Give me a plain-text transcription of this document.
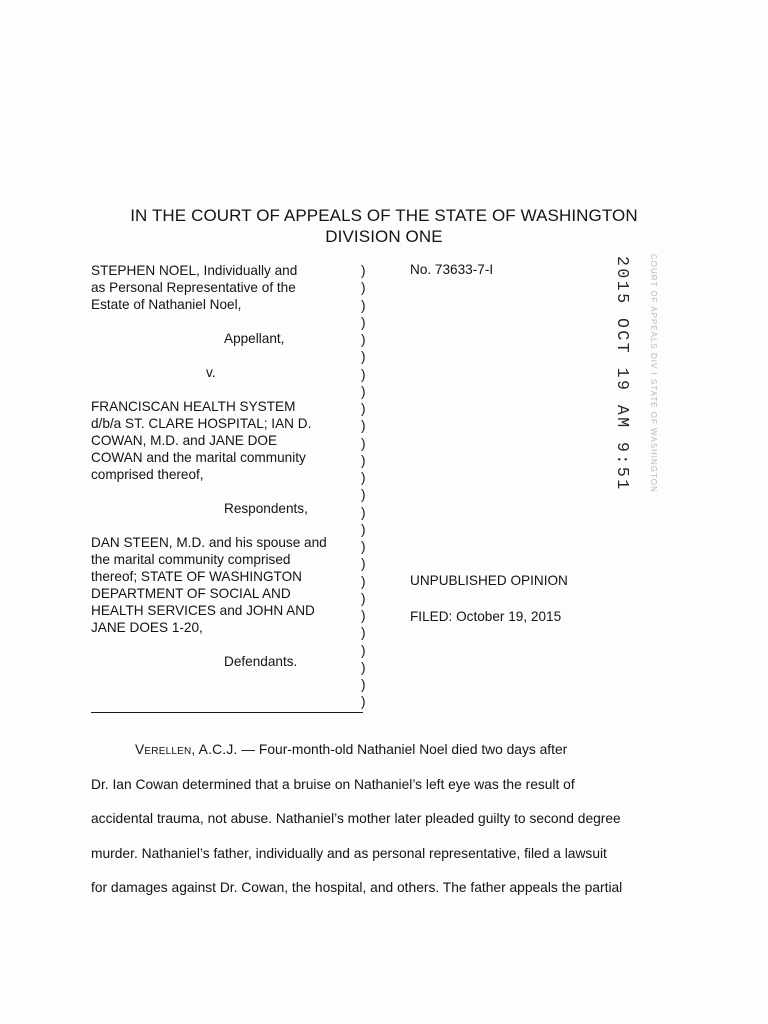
IN THE COURT OF APPEALS OF THE STATE OF WASHINGTON
DIVISION ONE
STEPHEN NOEL, Individually and
as Personal Representative of the
Estate of Nathaniel Noel,
Appellant,
v.
FRANCISCAN HEALTH SYSTEM
d/b/a ST. CLARE HOSPITAL; IAN D.
COWAN, M.D. and JANE DOE
COWAN and the marital community
comprised thereof,
Respondents,
DAN STEEN, M.D. and his spouse and
the marital community comprised
thereof; STATE OF WASHINGTON
DEPARTMENT OF SOCIAL AND
HEALTH SERVICES and JOHN AND
JANE DOES 1-20,
Defendants.
)
)
)
)
)
)
)
)
)
)
)
)
)
)
)
)
)
)
)
)
)
)
)
)
)
)
No. 73633-7-I
UNPUBLISHED OPINION
FILED: October 19, 2015
COURT OF APPEALS DIV I STATE OF WASHINGTON
2015 OCT 19 AM 9:51
Verellen, A.C.J. — Four-month-old Nathaniel Noel died two days after
Dr. Ian Cowan determined that a bruise on Nathaniel’s left eye was the result of
accidental trauma, not abuse. Nathaniel’s mother later pleaded guilty to second degree
murder. Nathaniel’s father, individually and as personal representative, filed a lawsuit
for damages against Dr. Cowan, the hospital, and others. The father appeals the partial
